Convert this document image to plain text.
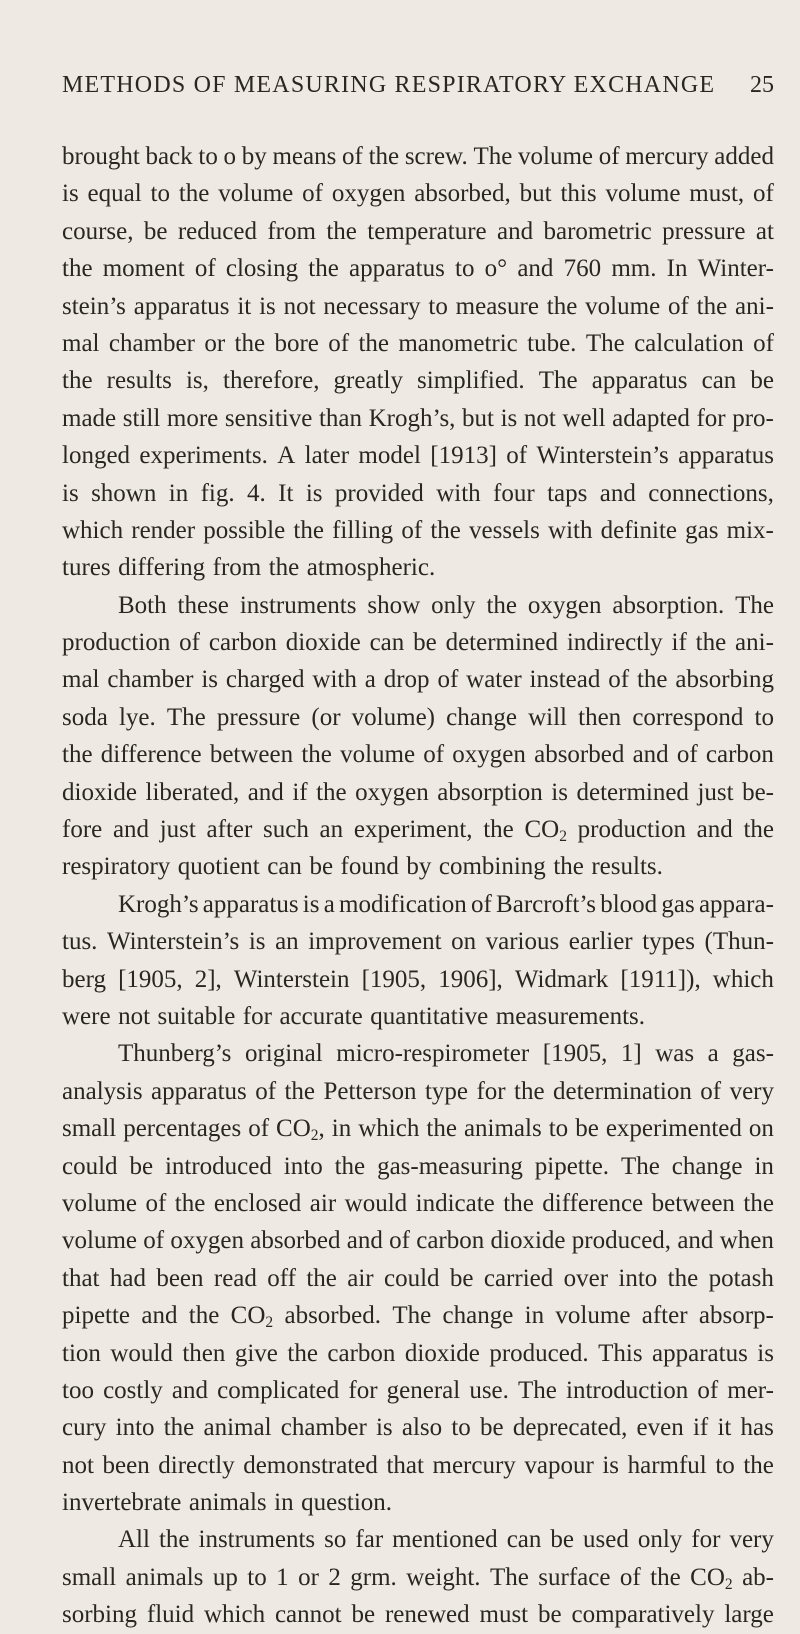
METHODS OF MEASURING RESPIRATORY EXCHANGE 25
brought back to o by means of the screw. The volume of mercury added
is equal to the volume of oxygen absorbed, but this volume must, of
course, be reduced from the temperature and barometric pressure at
the moment of closing the apparatus to o° and 760 mm. In Winter-
stein’s apparatus it is not necessary to measure the volume of the ani-
mal chamber or the bore of the manometric tube. The calculation of
the results is, therefore, greatly simplified. The apparatus can be
made still more sensitive than Krogh’s, but is not well adapted for pro-
longed experiments. A later model [1913] of Winterstein’s apparatus
is shown in fig. 4. It is provided with four taps and connections,
which render possible the filling of the vessels with definite gas mix-
tures differing from the atmospheric.
Both these instruments show only the oxygen absorption. The
production of carbon dioxide can be determined indirectly if the ani-
mal chamber is charged with a drop of water instead of the absorbing
soda lye. The pressure (or volume) change will then correspond to
the difference between the volume of oxygen absorbed and of carbon
dioxide liberated, and if the oxygen absorption is determined just be-
fore and just after such an experiment, the $CO_2$ production and the
respiratory quotient can be found by combining the results.
Krogh’s apparatus is a modification of Barcroft’s blood gas appara-
tus. Winterstein’s is an improvement on various earlier types (Thun-
berg [1905, 2], Winterstein [1905, 1906], Widmark [1911]), which
were not suitable for accurate quantitative measurements.
Thunberg’s original micro-respirometer [1905, 1] was a gas-
analysis apparatus of the Petterson type for the determination of very
small percentages of $CO_2$, in which the animals to be experimented on
could be introduced into the gas-measuring pipette. The change in
volume of the enclosed air would indicate the difference between the
volume of oxygen absorbed and of carbon dioxide produced, and when
that had been read off the air could be carried over into the potash
pipette and the $CO_2$ absorbed. The change in volume after absorp-
tion would then give the carbon dioxide produced. This apparatus is
too costly and complicated for general use. The introduction of mer-
cury into the animal chamber is also to be deprecated, even if it has
not been directly demonstrated that mercury vapour is harmful to the
invertebrate animals in question.
All the instruments so far mentioned can be used only for very
small animals up to 1 or 2 grm. weight. The surface of the $CO_2$ ab-
sorbing fluid which cannot be renewed must be comparatively large
